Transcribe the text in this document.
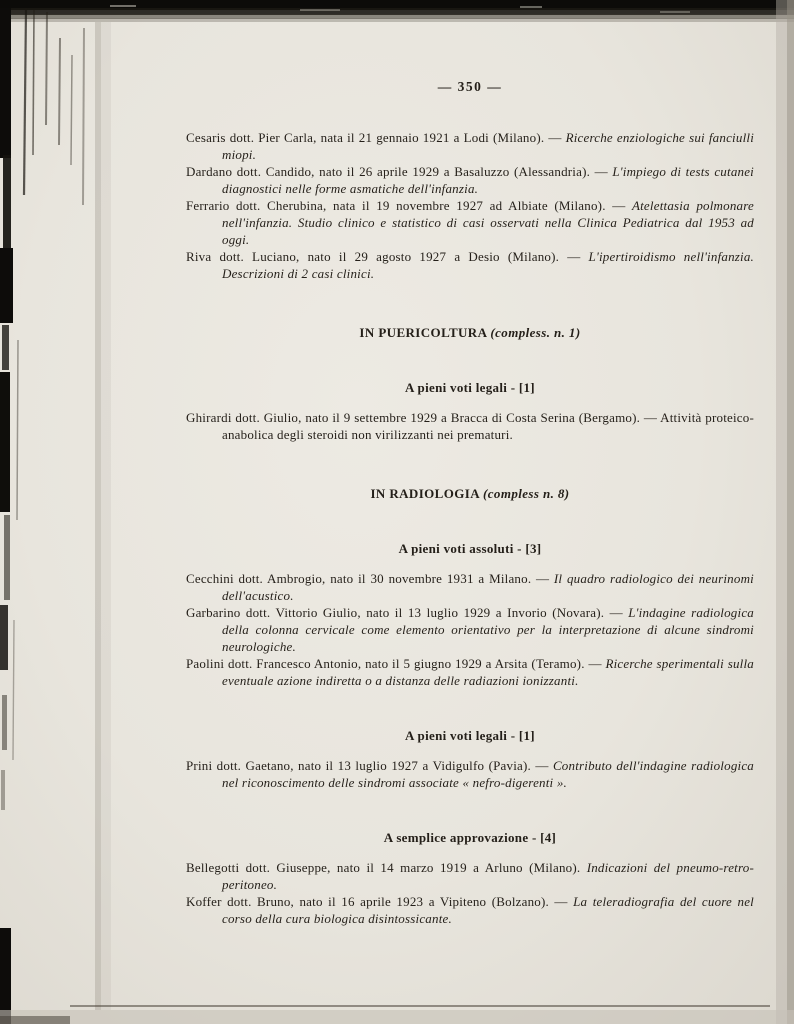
— 350 —

Cesaris dott. Pier Carla, nata il 21 gennaio 1921 a Lodi (Milano). — Ricerche enziologiche sui fanciulli miopi.

Dardano dott. Candido, nato il 26 aprile 1929 a Basaluzzo (Alessandria). — L'impiego di tests cutanei diagnostici nelle forme asmatiche dell'infanzia.

Ferrario dott. Cherubina, nata il 19 novembre 1927 ad Albiate (Milano). — Atelettasia polmonare nell'infanzia. Studio clinico e statistico di casi osservati nella Clinica Pediatrica dal 1953 ad oggi.

Riva dott. Luciano, nato il 29 agosto 1927 a Desio (Milano). — L'ipertiroidismo nell'infanzia. Descrizioni di 2 casi clinici.

IN PUERICOLTURA (compless. n. 1)
A pieni voti legali - [1]

Ghirardi dott. Giulio, nato il 9 settembre 1929 a Bracca di Costa Serina (Bergamo). — Attività proteico-anabolica degli steroidi non virilizzanti nei prematuri.

IN RADIOLOGIA (compless n. 8)
A pieni voti assoluti - [3]

Cecchini dott. Ambrogio, nato il 30 novembre 1931 a Milano. — Il quadro radiologico dei neurinomi dell'acustico.

Garbarino dott. Vittorio Giulio, nato il 13 luglio 1929 a Invorio (Novara). — L'indagine radiologica della colonna cervicale come elemento orientativo per la interpretazione di alcune sindromi neurologiche.

Paolini dott. Francesco Antonio, nato il 5 giugno 1929 a Arsita (Teramo). — Ricerche sperimentali sulla eventuale azione indiretta o a distanza delle radiazioni ionizzanti.

A pieni voti legali - [1]

Prini dott. Gaetano, nato il 13 luglio 1927 a Vidigulfo (Pavia). — Contributo dell'indagine radiologica nel riconoscimento delle sindromi associate « nefro-digerenti ».

A semplice approvazione - [4]

Bellegotti dott. Giuseppe, nato il 14 marzo 1919 a Arluno (Milano). Indicazioni del pneumo-retro-peritoneo.

Koffer dott. Bruno, nato il 16 aprile 1923 a Vipiteno (Bolzano). — La teleradiografia del cuore nel corso della cura biologica disintossicante.
